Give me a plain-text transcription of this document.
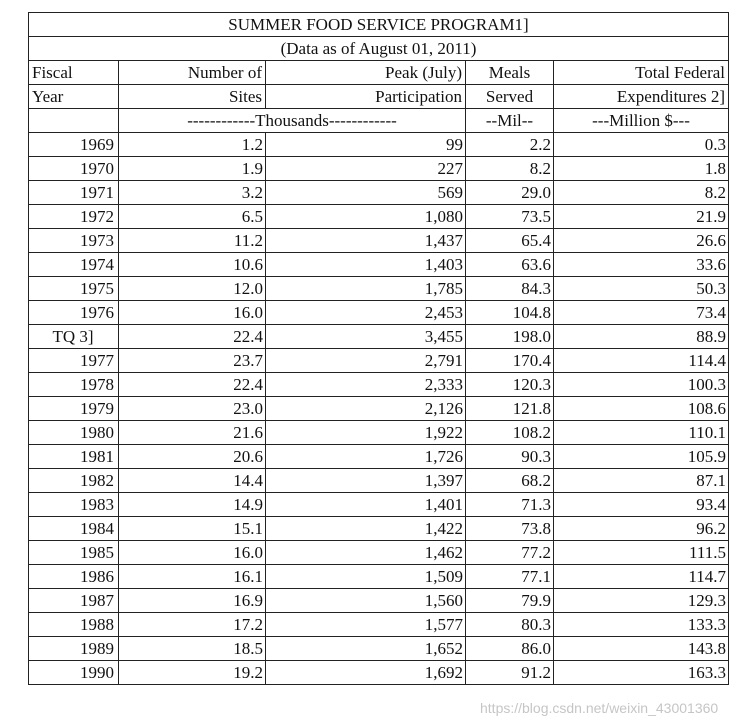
SUMMER FOOD SERVICE PROGRAM1]				
(Data as of August 01, 2011)				
Fiscal	Number of	Peak (July)	Meals	Total Federal
Year	Sites	Participation	Served	Expenditures 2]
	------------Thousands------------		--Mil--	---Million $---
1969	1.2	99	2.2	0.3
1970	1.9	227	8.2	1.8
1971	3.2	569	29.0	8.2
1972	6.5	1,080	73.5	21.9
1973	11.2	1,437	65.4	26.6
1974	10.6	1,403	63.6	33.6
1975	12.0	1,785	84.3	50.3
1976	16.0	2,453	104.8	73.4
TQ 3]	22.4	3,455	198.0	88.9
1977	23.7	2,791	170.4	114.4
1978	22.4	2,333	120.3	100.3
1979	23.0	2,126	121.8	108.6
1980	21.6	1,922	108.2	110.1
1981	20.6	1,726	90.3	105.9
1982	14.4	1,397	68.2	87.1
1983	14.9	1,401	71.3	93.4
1984	15.1	1,422	73.8	96.2
1985	16.0	1,462	77.2	111.5
1986	16.1	1,509	77.1	114.7
1987	16.9	1,560	79.9	129.3
1988	17.2	1,577	80.3	133.3
1989	18.5	1,652	86.0	143.8
1990	19.2	1,692	91.2	163.3
https://blog.csdn.net/weixin_43001360
